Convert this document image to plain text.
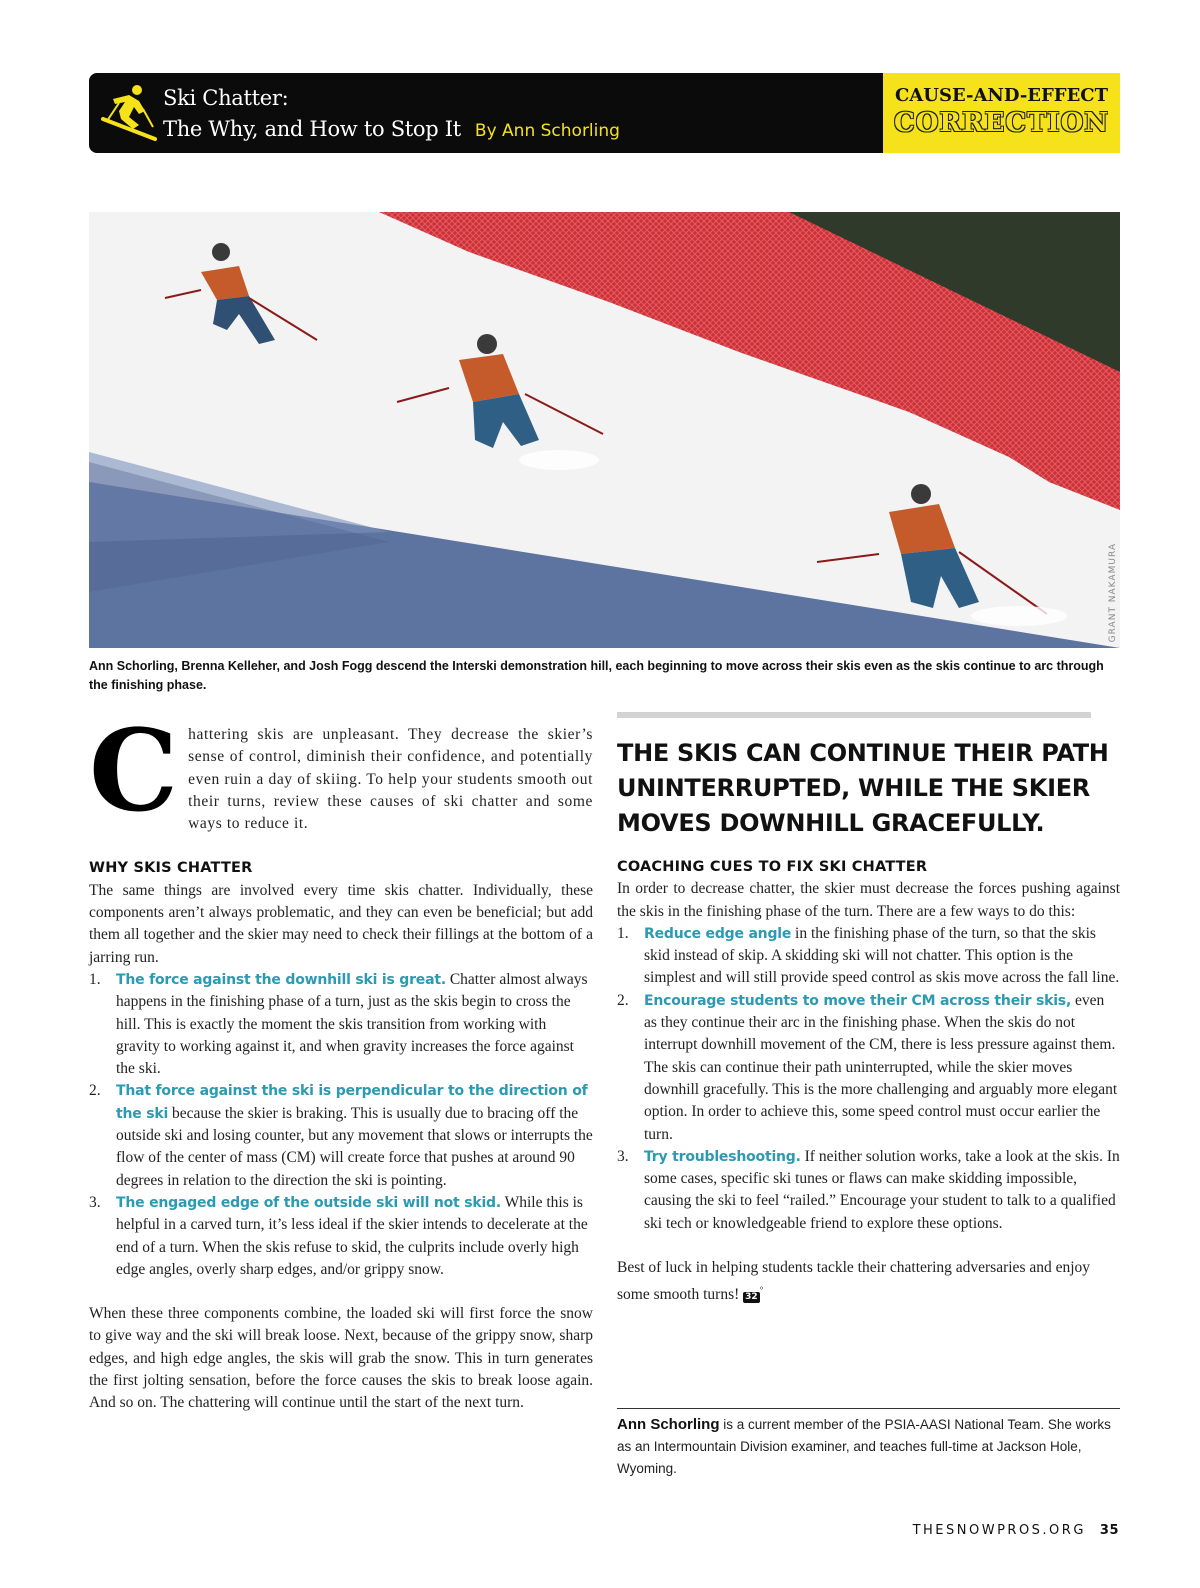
Ski Chatter:
The Why, and How to Stop It By Ann Schorling
CAUSE-AND-EFFECT
CORRECTION
GRANT NAKAMURA
Ann Schorling, Brenna Kelleher, and Josh Fogg descend the Interski demonstration hill, each beginning to move across their skis even as the skis continue to arc through the finishing phase.
C hattering skis are unpleasant. They decrease the skier’s sense of control, diminish their confidence, and potentially even ruin a day of skiing. To help your students smooth out their turns, review these causes of ski chatter and some ways to reduce it.

WHY SKIS CHATTER

The same things are involved every time skis chatter. Individually, these components aren’t always problematic, and they can even be beneficial; but add them all together and the skier may need to check their fillings at the bottom of a jarring run.

1. The force against the downhill ski is great. Chatter almost always happens in the finishing phase of a turn, just as the skis begin to cross the hill. This is exactly the moment the skis transition from working with gravity to working against it, and when gravity increases the force against the ski.
2. That force against the ski is perpendicular to the direction of the ski because the skier is braking. This is usually due to bracing off the outside ski and losing counter, but any movement that slows or interrupts the flow of the center of mass (CM) will create force that pushes at around 90 degrees in relation to the direction the ski is pointing.
3. The engaged edge of the outside ski will not skid. While this is helpful in a carved turn, it’s less ideal if the skier intends to decelerate at the end of a turn. When the skis refuse to skid, the culprits include overly high edge angles, overly sharp edges, and/or grippy snow.

When these three components combine, the loaded ski will first force the snow to give way and the ski will break loose. Next, because of the grippy snow, sharp edges, and high edge angles, the skis will grab the snow. This in turn generates the first jolting sensation, before the force causes the skis to break loose again. And so on. The chattering will continue until the start of the next turn.

THE SKIS CAN CONTINUE THEIR PATH UNINTERRUPTED, WHILE THE SKIER MOVES DOWNHILL GRACEFULLY.
COACHING CUES TO FIX SKI CHATTER

In order to decrease chatter, the skier must decrease the forces pushing against the skis in the finishing phase of the turn. There are a few ways to do this:

1. Reduce edge angle in the finishing phase of the turn, so that the skis skid instead of skip. A skidding ski will not chatter. This option is the simplest and will still provide speed control as skis move across the fall line.
2. Encourage students to move their CM across their skis, even as they continue their arc in the finishing phase. When the skis do not interrupt downhill movement of the CM, there is less pressure against them. The skis can continue their path uninterrupted, while the skier moves downhill gracefully. This is the more challenging and arguably more elegant option. In order to achieve this, some speed control must occur earlier the turn.
3. Try troubleshooting. If neither solution works, take a look at the skis. In some cases, specific ski tunes or flaws can make skidding impossible, causing the ski to feel “railed.” Encourage your student to talk to a qualified ski tech or knowledgeable friend to explore these options.

Best of luck in helping students tackle their chattering adversaries and enjoy some smooth turns! 32°

Ann Schorling is a current member of the PSIA-AASI National Team. She works as an Intermountain Division examiner, and teaches full-time at Jackson Hole, Wyoming.
THESNOWPROS.ORG 35
